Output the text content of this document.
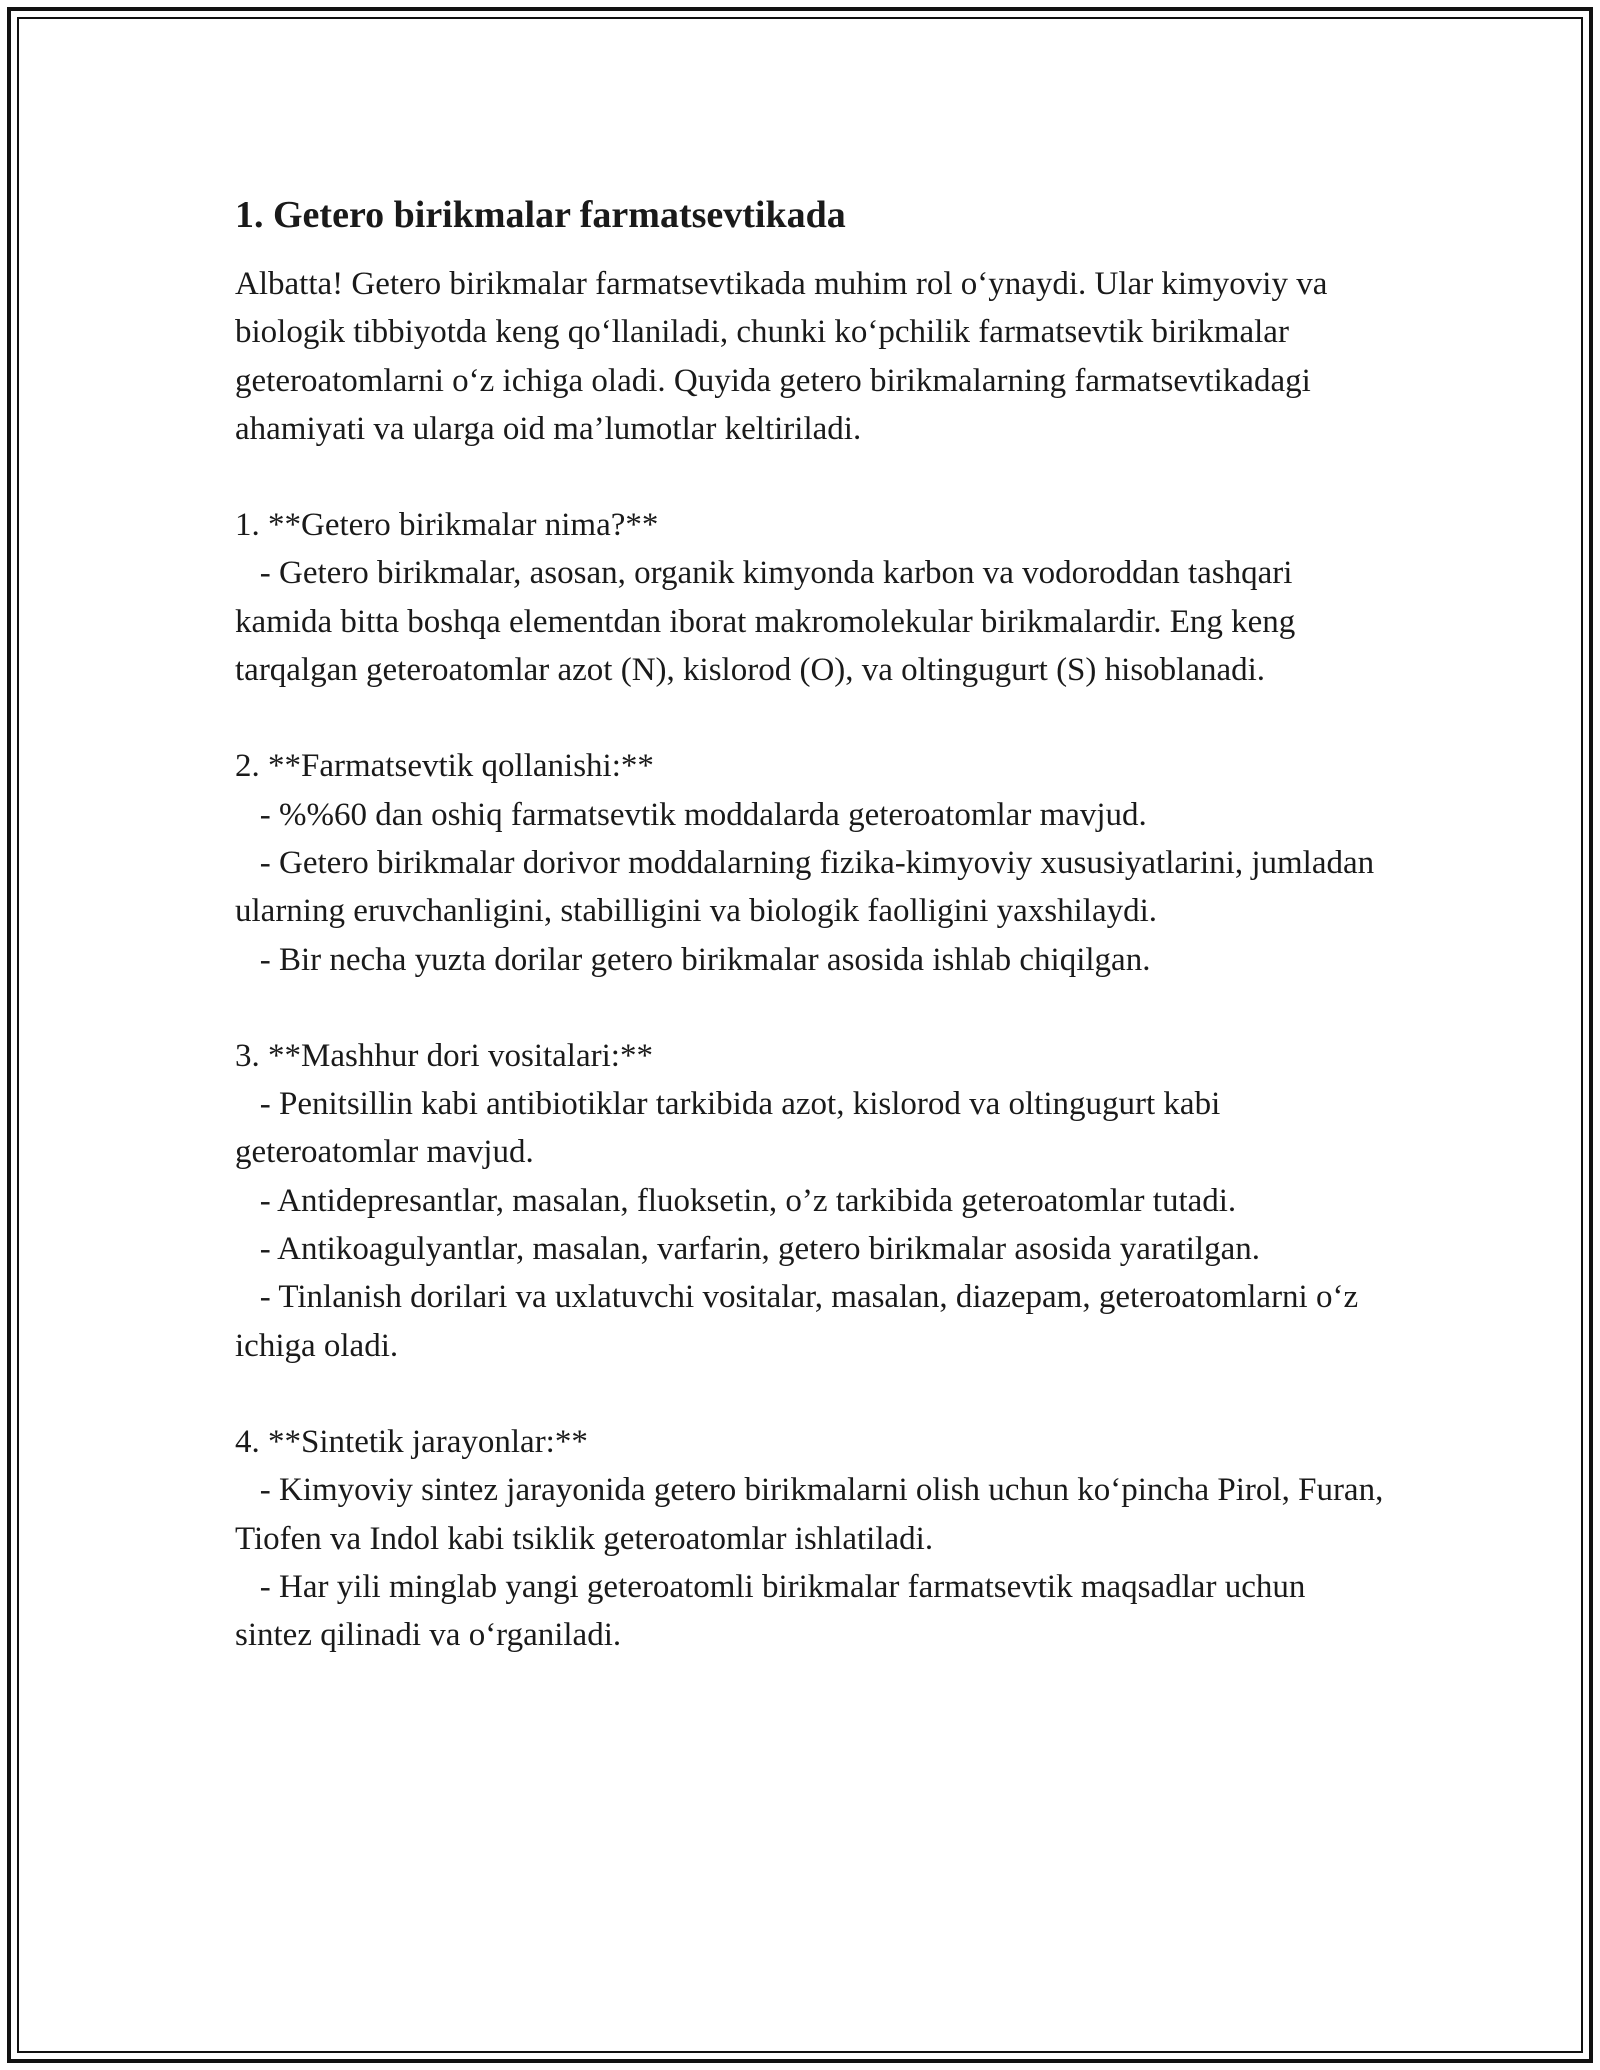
1. Getero birikmalar farmatsevtikada

Albatta! Getero birikmalar farmatsevtikada muhim rol o‘ynaydi. Ular kimyoviy va biologik tibbiyotda keng qo‘llaniladi, chunki ko‘pchilik farmatsevtik birikmalar geteroatomlarni o‘z ichiga oladi. Quyida getero birikmalarning farmatsevtikadagi ahamiyati va ularga oid ma’lumotlar keltiriladi.

1. **Getero birikmalar nima?**

- Getero birikmalar, asosan, organik kimyonda karbon va vodoroddan tashqari kamida bitta boshqa elementdan iborat makromolekular birikmalardir. Eng keng tarqalgan geteroatomlar azot (N), kislorod (O), va oltingugurt (S) hisoblanadi.

2. **Farmatsevtik qollanishi:**

- %%60 dan oshiq farmatsevtik moddalarda geteroatomlar mavjud.

- Getero birikmalar dorivor moddalarning fizika-kimyoviy xususiyatlarini, jumladan ularning eruvchanligini, stabilligini va biologik faolligini yaxshilaydi.

- Bir necha yuzta dorilar getero birikmalar asosida ishlab chiqilgan.

3. **Mashhur dori vositalari:**

- Penitsillin kabi antibiotiklar tarkibida azot, kislorod va oltingugurt kabi geteroatomlar mavjud.

- Antidepresantlar, masalan, fluoksetin, o’z tarkibida geteroatomlar tutadi.

- Antikoagulyantlar, masalan, varfarin, getero birikmalar asosida yaratilgan.

- Tinlanish dorilari va uxlatuvchi vositalar, masalan, diazepam, geteroatomlarni o‘z ichiga oladi.

4. **Sintetik jarayonlar:**

- Kimyoviy sintez jarayonida getero birikmalarni olish uchun ko‘pincha Pirol, Furan, Tiofen va Indol kabi tsiklik geteroatomlar ishlatiladi.

- Har yili minglab yangi geteroatomli birikmalar farmatsevtik maqsadlar uchun sintez qilinadi va o‘rganiladi.
